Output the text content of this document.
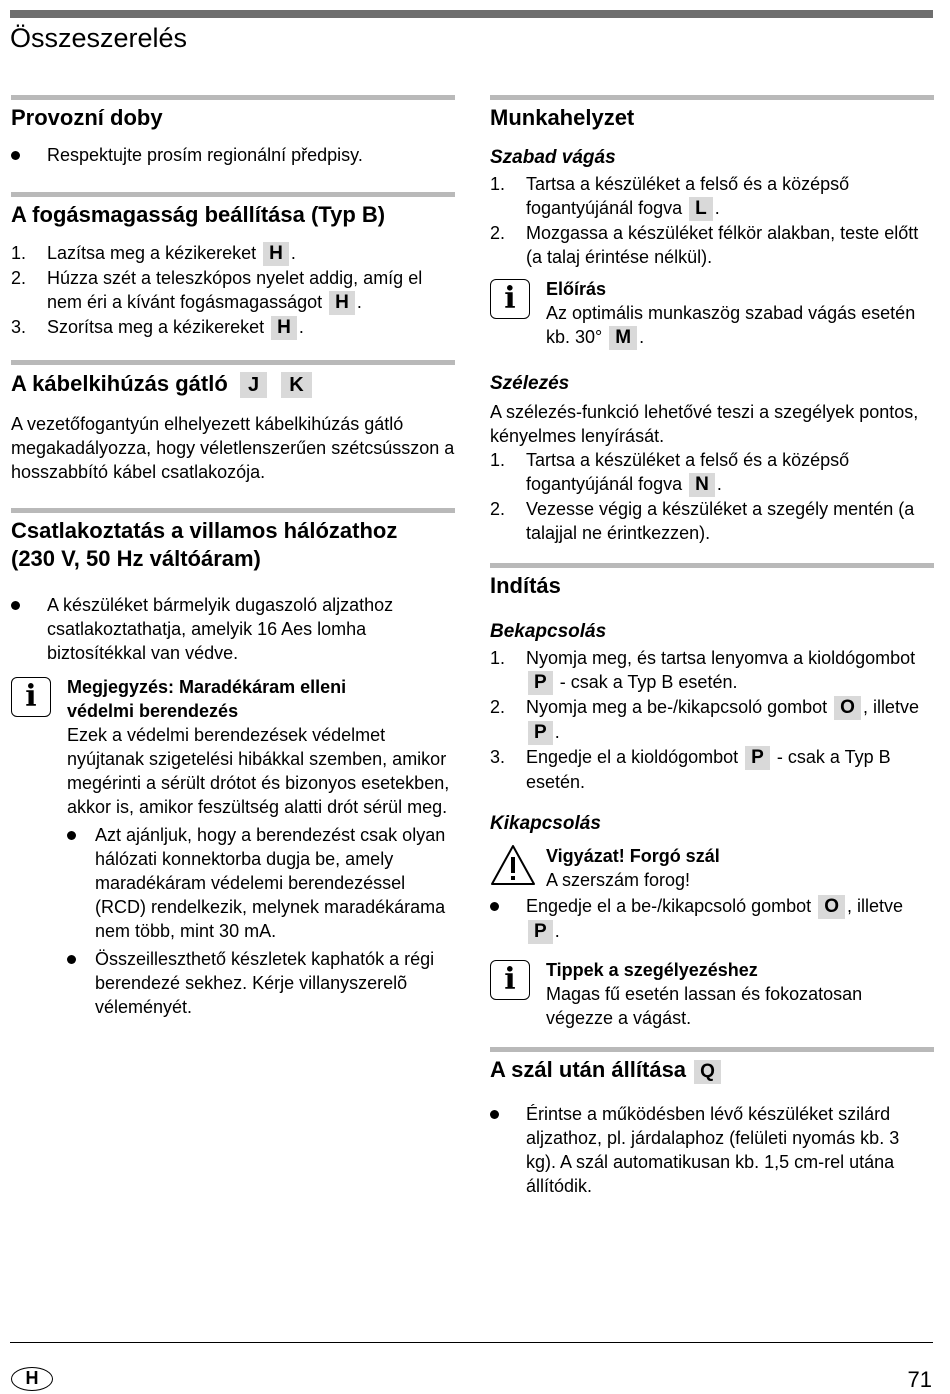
Összeszerelés
Provozní doby
Respektujte prosím regionální předpisy.
A fogásmagasság beállítása (Typ B)
1. Lazítsa meg a kézikereket H .
2. Húzza szét a teleszkópos nyelet addig, amíg el nem éri a kívánt fogásmagasságot H .
3. Szorítsa meg a kézikereket H .
A kábelkihúzás gátló J K

A vezetőfogantyún elhelyezett kábelkihúzás gátló megakadályozza, hogy véletlenszerűen szétcsússzon a hosszabbító kábel csatlakozója.

Csatlakoztatás a villamos hálózathoz
(230 V, 50 Hz váltóáram)
A készüléket bármelyik dugaszoló aljzathoz csatlakoztathatja, amelyik 16 Aes lomha biztosítékkal van védve.
i	Megjegyzés: Maradékáram elleni védelmi berendezés

Ezek a védelmi berendezések védelmet nyújtanak szigetelési hibákkal szemben, amikor megérinti a sérült drótot és bizonyos esetekben, akkor is, amikor feszültség alatti drót sérül meg.

Azt ajánljuk, hogy a berendezést csak olyan hálózati konnektorba dugja be, amely maradékáram védelemi berendezéssel (RCD) rendelkezik, melynek maradékárama nem több, mint 30 mA.
Összeilleszthető készletek kaphatók a régi berendezé sekhez. Kérje villanyszerelõ véleményét.
Munkahelyzet
Szabad vágás
1. Tartsa a készüléket a felső és a középső fogantyújánál fogva L .
2. Mozgassa a készüléket félkör alakban, teste előtt (a talaj érintése nélkül).
i	Előírás

Az optimális munkaszög szabad vágás esetén kb. 30° M .

Szélezés

A szélezés-funkció lehetővé teszi a szegélyek pontos, kényelmes lenyírását.

1. Tartsa a készüléket a felső és a középső fogantyújánál fogva N .
2. Vezesse végig a készüléket a szegély mentén (a talajjal ne érintkezzen).
Indítás
Bekapcsolás
1. Nyomja meg, és tartsa lenyomva a kioldógombot P - csak a Typ B esetén.
2. Nyomja meg a be-/kikapcsoló gombot O , illetve P .
3. Engedje el a kioldógombot P - csak a Typ B esetén.
Kikapcsolás
Vigyázat! Forgó szál

A szerszám forog!

Engedje el a be-/kikapcsoló gombot O , illetve P .
i	Tippek a szegélyezéshez

Magas fű esetén lassan és fokozatosan végezze a vágást.

A szál után állítása Q
Érintse a működésben lévő készüléket szilárd aljzathoz, pl. járdalaphoz (felületi nyomás kb. 3 kg). A szál automatikusan kb. 1,5 cm-rel utána állítódik.
H	71
